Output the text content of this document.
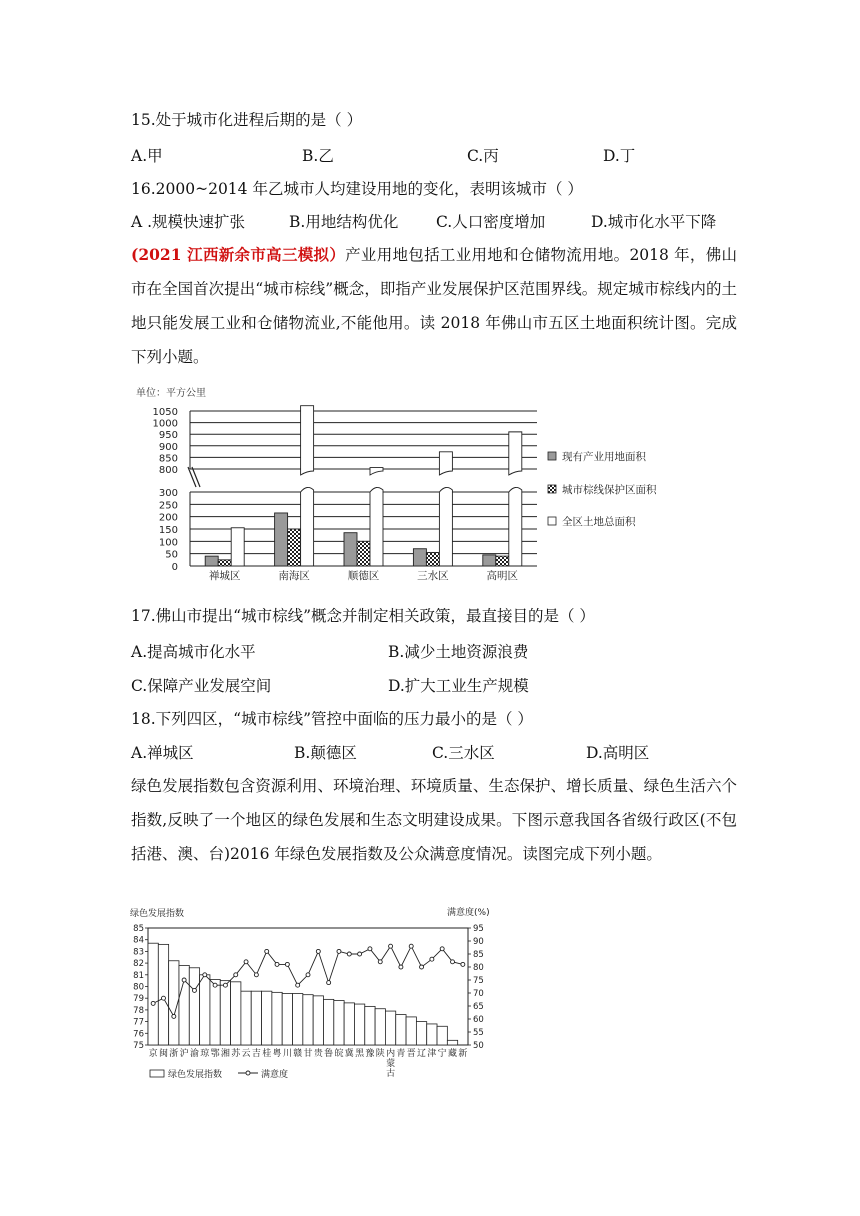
15.处于城市化进程后期的是（ ）
A.甲	B.乙	C.丙	D.丁
16.2000~2014 年乙城市人均建设用地的变化，表明该城市（ ）
A .规模快速扩张	B.用地结构优化 C.人口密度增加	D.城市化水平下降
(2021 江西新余市高三模拟）产业用地包括工业用地和仓储物流用地。2018 年，佛山市在全国首次提出“城市棕线”概念，即指产业发展保护区范围界线。规定城市棕线内的土地只能发展工业和仓储物流业,不能他用。读 2018 年佛山市五区土地面积统计图。完成下列小题。
单位：平方公里
0
50
100
150
200
250
300
800
850
900
950
1000
1050
禅城区	南海区	顺德区	三水区	高明区
现有产业用地面积
城市棕线保护区面积
全区土地总面积
17.佛山市提出“城市棕线”概念并制定相关政策，最直接目的是（ ）
A.提高城市化水平	B.减少土地资源浪费
C.保障产业发展空间	D.扩大工业生产规模
18.下列四区，“城市棕线”管控中面临的压力最小的是（ ）
A.禅城区	B.颠德区	C.三水区	D.高明区
绿色发展指数包含资源利用、环境治理、环境质量、生态保护、增长质量、绿色生活六个指数,反映了一个地区的绿色发展和生态文明建设成果。下图示意我国各省级行政区(不包括港、澳、台)2016 年绿色发展指数及公众满意度情况。读图完成下列小题。
绿色发展指数	满意度(%)
75
76
77
78
79
80
81
82
83
84
85
50
55
60
65
70
75
80
85
90
95
京 闽 浙 沪 渝 琼 鄂 湘 苏 云 吉 桂 粤 川 赣 甘 贵 鲁 皖 冀 黑 豫 陕 内
蒙
古
青 晋 辽 津 宁 藏 新
绿色发展指数	满意度
